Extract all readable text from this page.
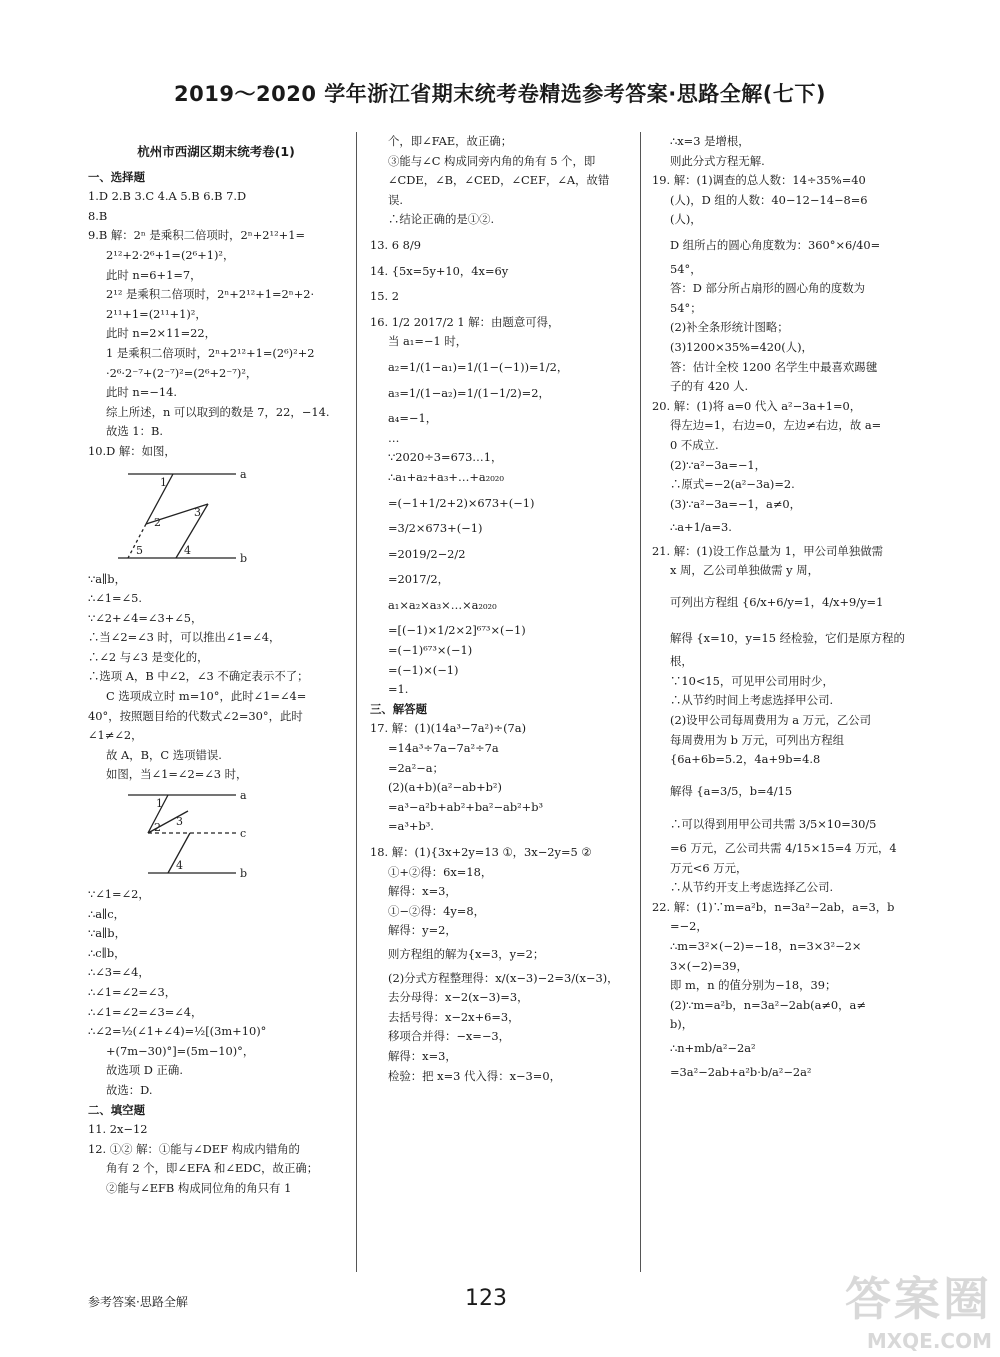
2019～2020 学年浙江省期末统考卷精选参考答案·思路全解(七下)
杭州市西湖区期末统考卷(1)
一、选择题
1.D 2.B 3.C 4.A 5.B 6.B 7.D
8.B
9.B 解：2ⁿ 是乘积二倍项时，2ⁿ+2¹²+1=
2¹²+2·2⁶+1=(2⁶+1)²，
此时 n=6+1=7，
2¹² 是乘积二倍项时，2ⁿ+2¹²+1=2ⁿ+2·
2¹¹+1=(2¹¹+1)²，
此时 n=2×11=22，
1 是乘积二倍项时，2ⁿ+2¹²+1=(2⁶)²+2
·2⁶·2⁻⁷+(2⁻⁷)²=(2⁶+2⁻⁷)²，
此时 n=−14.
综上所述，n 可以取到的数是 7，22，−14.
故选 1：B.
10.D 解：如图，
a
b
1
2
3
4
5
∵a∥b，
∴∠1=∠5.
∵∠2+∠4=∠3+∠5，
∴当∠2=∠3 时，可以推出∠1=∠4，
∴∠2 与∠3 是变化的，
∴选项 A，B 中∠2，∠3 不确定表示不了；
C 选项成立时 m=10°，此时∠1=∠4=
40°，按照题目给的代数式∠2=30°，此时
∠1≠∠2，
故 A，B，C 选项错误.
如图，当∠1=∠2=∠3 时，
a
c
b
1
2 3
4
∵∠1=∠2，
∴a∥c，
∵a∥b，
∴c∥b，
∴∠3=∠4，
∴∠1=∠2=∠3，
∴∠1=∠2=∠3=∠4，
∴∠2=½(∠1+∠4)=½[(3m+10)°
+(7m−30)°]=(5m−10)°，
故选项 D 正确.
故选：D.
二、填空题
11. 2x−12
12. ①② 解：①能与∠DEF 构成内错角的
角有 2 个，即∠EFA 和∠EDC，故正确；
②能与∠EFB 构成同位角的角只有 1
个，即∠FAE，故正确；
③能与∠C 构成同旁内角的角有 5 个，即
∠CDE，∠B，∠CED，∠CEF，∠A，故错
误.
∴结论正确的是①②.
13. 6 8/9
14. {5x=5y+10，4x=6y
15. 2
16. 1/2 2017/2 1 解：由题意可得，
当 a₁=−1 时，
a₂=1/(1−a₁)=1/(1−(−1))=1/2，
a₃=1/(1−a₂)=1/(1−1/2)=2，
a₄=−1，
…
∵2020÷3=673…1，
∴a₁+a₂+a₃+…+a₂₀₂₀
=(−1+1/2+2)×673+(−1)
=3/2×673+(−1)
=2019/2−2/2
=2017/2，
a₁×a₂×a₃×…×a₂₀₂₀
=[(−1)×1/2×2]⁶⁷³×(−1)
=(−1)⁶⁷³×(−1)
=(−1)×(−1)
=1.
三、解答题
17. 解：(1)(14a³−7a²)÷(7a)
=14a³÷7a−7a²÷7a
=2a²−a；
(2)(a+b)(a²−ab+b²)
=a³−a²b+ab²+ba²−ab²+b³
=a³+b³.
18. 解：(1){3x+2y=13 ①，3x−2y=5 ②
①+②得：6x=18，
解得：x=3，
①−②得：4y=8，
解得：y=2，
则方程组的解为{x=3，y=2；
(2)分式方程整理得：x/(x−3)−2=3/(x−3)，
去分母得：x−2(x−3)=3，
去括号得：x−2x+6=3，
移项合并得：−x=−3，
解得：x=3，
检验：把 x=3 代入得：x−3=0，
∴x=3 是增根，
则此分式方程无解.
19. 解：(1)调查的总人数：14÷35%=40
(人)，D 组的人数：40−12−14−8=6
(人)，
D 组所占的圆心角度数为：360°×6/40=
54°，
答：D 部分所占扇形的圆心角的度数为
54°；
(2)补全条形统计图略；
(3)1200×35%=420(人)，
答：估计全校 1200 名学生中最喜欢踢毽
子的有 420 人.
20. 解：(1)将 a=0 代入 a²−3a+1=0，
得左边=1，右边=0，左边≠右边，故 a=
0 不成立.
(2)∵a²−3a=−1，
∴原式=−2(a²−3a)=2.
(3)∵a²−3a=−1，a≠0，
∴a+1/a=3.
21. 解：(1)设工作总量为 1，甲公司单独做需
x 周，乙公司单独做需 y 周，
可列出方程组 {6/x+6/y=1，4/x+9/y=1
解得 {x=10，y=15 经检验，它们是原方程的
根，
∵10<15，可见甲公司用时少，
∴从节约时间上考虑选择甲公司.
(2)设甲公司每周费用为 a 万元，乙公司
每周费用为 b 万元，可列出方程组
{6a+6b=5.2，4a+9b=4.8
解得 {a=3/5，b=4/15
∴可以得到用甲公司共需 3/5×10=30/5
=6 万元，乙公司共需 4/15×15=4 万元，4
万元<6 万元，
∴从节约开支上考虑选择乙公司.
22. 解：(1)∵m=a²b，n=3a²−2ab，a=3，b
=−2，
∴m=3²×(−2)=−18，n=3×3²−2×
3×(−2)=39，
即 m，n 的值分别为−18，39；
(2)∵m=a²b，n=3a²−2ab(a≠0，a≠
b)，
∴n+mb/a²−2a²
=3a²−2ab+a²b·b/a²−2a²
参考答案·思路全解	123	答案圈
MXQE.COM
